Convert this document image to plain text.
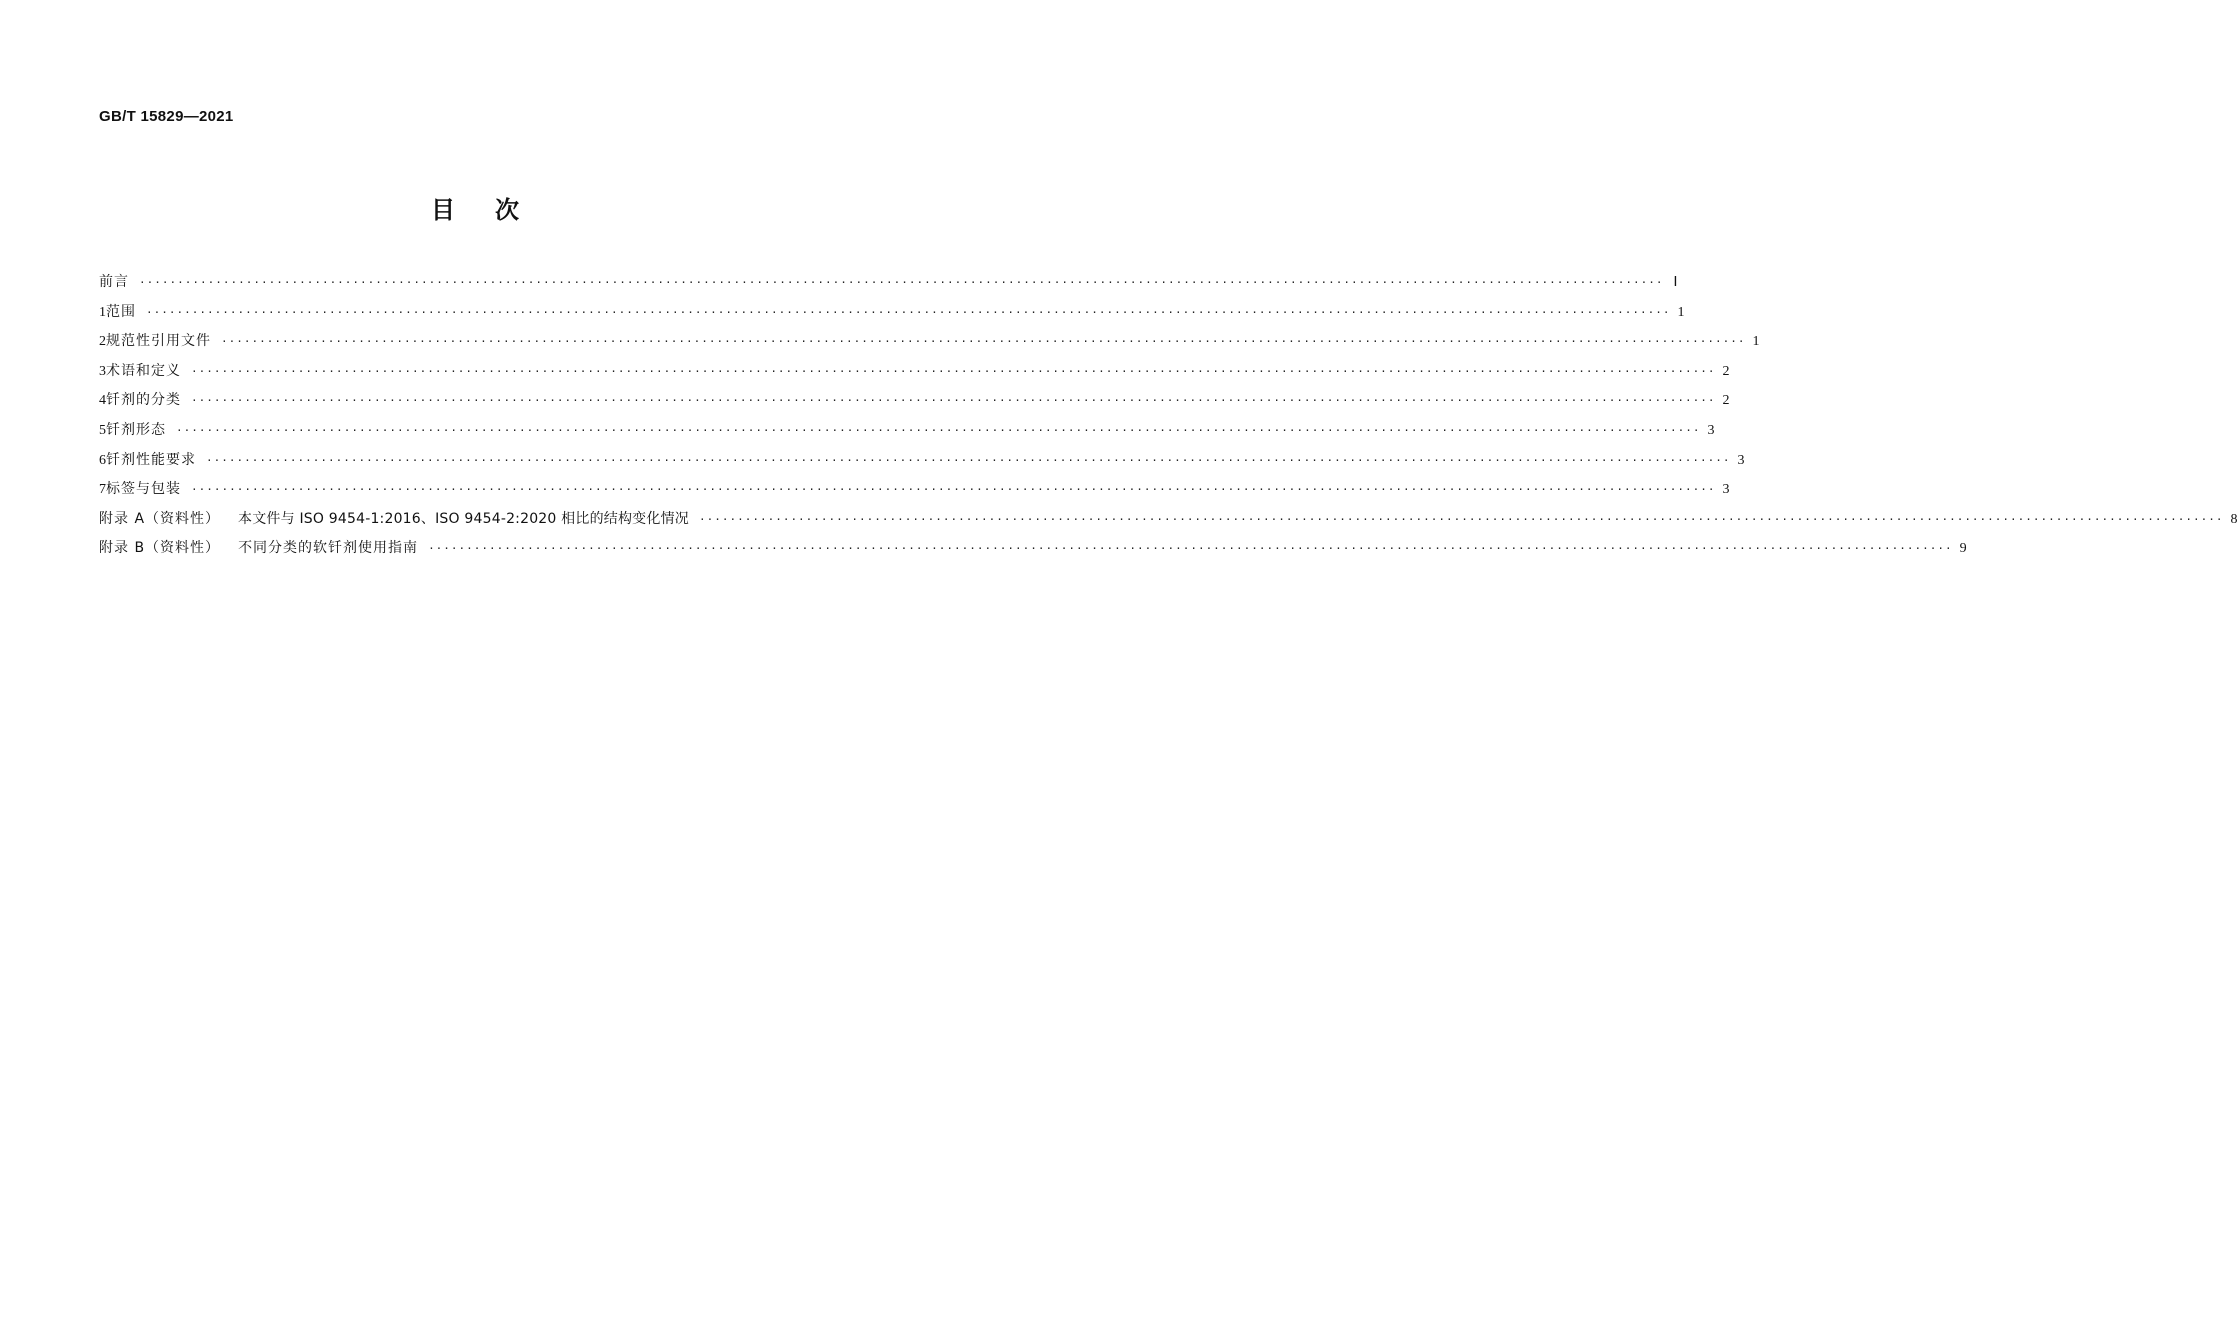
GB/T 15829—2021
目次
前言 ········································································································································································································ Ⅰ
1 范围 ········································································································································································································ 1
2 规范性引用文件 ········································································································································································································ 1
3 术语和定义 ········································································································································································································ 2
4 钎剂的分类 ········································································································································································································ 2
5 钎剂形态 ········································································································································································································ 3
6 钎剂性能要求 ········································································································································································································ 3
7 标签与包装 ········································································································································································································ 3
附录 A（资料性） 本文件与 ISO 9454-1:2016、ISO 9454-2:2020 相比的结构变化情况 ········································································································································································································ 8
附录 B（资料性） 不同分类的软钎剂使用指南 ········································································································································································································ 9
